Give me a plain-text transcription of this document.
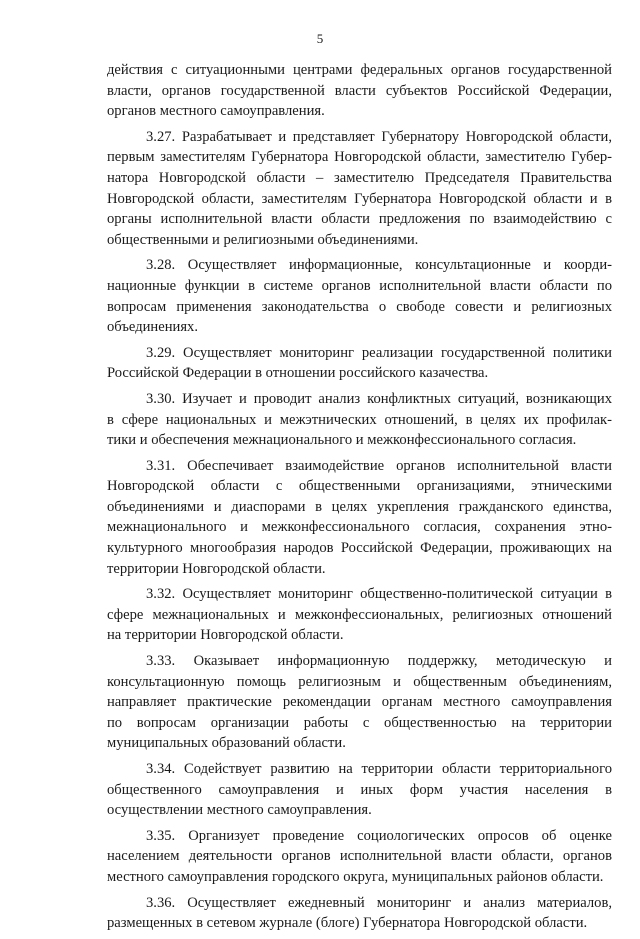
5

действия с ситуационными центрами федеральных органов государственной
власти, органов государственной власти субъектов Российской Федерации,
органов местного самоуправления.

3.27. Разрабатывает и представляет Губернатору Новгородской области,
первым заместителям Губернатора Новгородской области, заместителю Губер-
натора Новгородской области – заместителю Председателя Правительства
Новгородской области, заместителям Губернатора Новгородской области и в
органы исполнительной власти области предложения по взаимодействию с
общественными и религиозными объединениями.

3.28. Осуществляет информационные, консультационные и коорди-
национные функции в системе органов исполнительной власти области по
вопросам применения законодательства о свободе совести и религиозных
объединениях.

3.29. Осуществляет мониторинг реализации государственной политики
Российской Федерации в отношении российского казачества.

3.30. Изучает и проводит анализ конфликтных ситуаций, возникающих
в сфере национальных и межэтнических отношений, в целях их профилак-
тики и обеспечения межнационального и межконфессионального согласия.

3.31. Обеспечивает взаимодействие органов исполнительной власти
Новгородской области с общественными организациями, этническими
объединениями и диаспорами в целях укрепления гражданского единства,
межнационального и межконфессионального согласия, сохранения этно-
культурного многообразия народов Российской Федерации, проживающих на
территории Новгородской области.

3.32. Осуществляет мониторинг общественно-политической ситуации в
сфере межнациональных и межконфессиональных, религиозных отношений
на территории Новгородской области.

3.33. Оказывает информационную поддержку, методическую и
консультационную помощь религиозным и общественным объединениям,
направляет практические рекомендации органам местного самоуправления
по вопросам организации работы с общественностью на территории
муниципальных образований области.

3.34. Содействует развитию на территории области территориального
общественного самоуправления и иных форм участия населения в
осуществлении местного самоуправления.

3.35. Организует проведение социологических опросов об оценке
населением деятельности органов исполнительной власти области, органов
местного самоуправления городского округа, муниципальных районов области.

3.36. Осуществляет ежедневный мониторинг и анализ материалов,
размещенных в сетевом журнале (блоге) Губернатора Новгородской области.
